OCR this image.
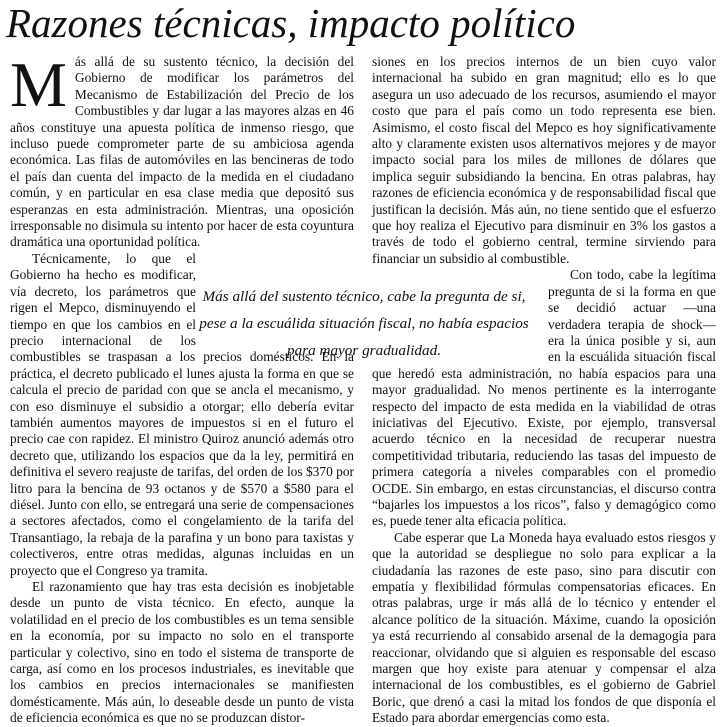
Razones técnicas, impacto político

Más allá de su sustento técnico, la decisión del Gobierno de modificar los parámetros del Mecanismo de Estabilización del Precio de los Combustibles y dar lugar a las mayores alzas en 46 años constituye una apuesta política de inmenso riesgo, que incluso puede comprometer parte de su ambiciosa agenda económica. Las filas de automóviles en las bencineras de todo el país dan cuenta del impacto de la medida en el ciudadano común, y en particular en esa clase media que depositó sus esperanzas en esta administración. Mientras, una oposición irresponsable no disimula su intento por hacer de esta coyuntura dramática una oportunidad política.

Técnicamente, lo que el Gobierno ha hecho es modificar, vía decreto, los parámetros que rigen el Mepco, disminuyendo el tiempo en que los cambios en el precio internacional de los combustibles se traspasan a los precios domésticos. En la práctica, el decreto publicado el lunes ajusta la forma en que se calcula el precio de paridad con que se ancla el mecanismo, y con eso disminuye el subsidio a otorgar; ello debería evitar también aumentos mayores de impuestos si en el futuro el precio cae con rapidez. El ministro Quiroz anunció además otro decreto que, utilizando los espacios que da la ley, permitirá en definitiva el severo reajuste de tarifas, del orden de los $370 por litro para la bencina de 93 octanos y de $570 a $580 para el diésel. Junto con ello, se entregará una serie de compensaciones a sectores afectados, como el congelamiento de la tarifa del Transantiago, la rebaja de la parafina y un bono para taxistas y colectiveros, entre otras medidas, algunas incluidas en un proyecto que el Congreso ya tramita.

El razonamiento que hay tras esta decisión es inobjetable desde un punto de vista técnico. En efecto, aunque la volatilidad en el precio de los combustibles es un tema sensible en la economía, por su impacto no solo en el transporte particular y colectivo, sino en todo el sistema de transporte de carga, así como en los procesos industriales, es inevitable que los cambios en precios internacionales se manifiesten domésticamente. Más aún, lo deseable desde un punto de vista de eficiencia económica es que no se produzcan distor-

siones en los precios internos de un bien cuyo valor internacional ha subido en gran magnitud; ello es lo que asegura un uso adecuado de los recursos, asumiendo el mayor costo que para el país como un todo representa ese bien. Asimismo, el costo fiscal del Mepco es hoy significativamente alto y claramente existen usos alternativos mejores y de mayor impacto social para los miles de millones de dólares que implica seguir subsidiando la bencina. En otras palabras, hay razones de eficiencia económica y de responsabilidad fiscal que justifican la decisión. Más aún, no tiene sentido que el esfuerzo que hoy realiza el Ejecutivo para disminuir en 3% los gastos a través de todo el gobierno central, termine sirviendo para financiar un subsidio al combustible.

Con todo, cabe la legítima pregunta de si la forma en que se decidió actuar —una verdadera terapia de shock— era la única posible y si, aun en la escuálida situación fiscal que heredó esta administración, no había espacios para una mayor gradualidad. No menos pertinente es la interrogante respecto del impacto de esta medida en la viabilidad de otras iniciativas del Ejecutivo. Existe, por ejemplo, transversal acuerdo técnico en la necesidad de recuperar nuestra competitividad tributaria, reduciendo las tasas del impuesto de primera categoría a niveles comparables con el promedio OCDE. Sin embargo, en estas circunstancias, el discurso contra “bajarles los impuestos a los ricos”, falso y demagógico como es, puede tener alta eficacia política.

Cabe esperar que La Moneda haya evaluado estos riesgos y que la autoridad se despliegue no solo para explicar a la ciudadanía las razones de este paso, sino para discutir con empatía y flexibilidad fórmulas compensatorias eficaces. En otras palabras, urge ir más allá de lo técnico y entender el alcance político de la situación. Máxime, cuando la oposición ya está recurriendo al consabido arsenal de la demagogia para reaccionar, olvidando que si alguien es responsable del escaso margen que hoy existe para atenuar y compensar el alza internacional de los combustibles, es el gobierno de Gabriel Boric, que drenó a casi la mitad los fondos de que disponía el Estado para abordar emergencias como esta.

Más allá del sustento técnico, cabe la pregunta de si, pese a la escuálida situación fiscal, no había espacios para mayor gradualidad.
